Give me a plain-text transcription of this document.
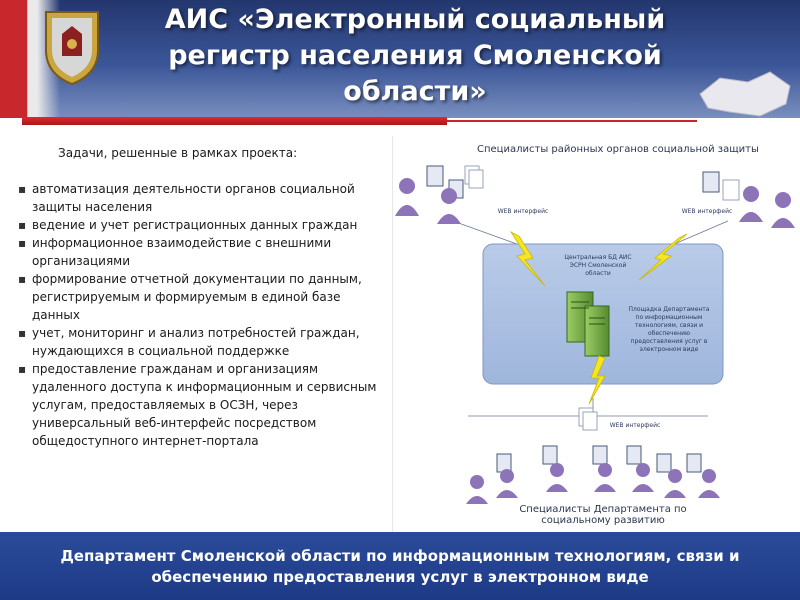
АИС «Электронный социальный регистр населения Смоленской области»
Задачи, решенные в рамках проекта:
▪ автоматизация деятельности органов социальной защиты населения
▪ ведение и учет регистрационных данных граждан
▪ информационное взаимодействие с внешними организациями
▪ формирование отчетной документации по данным, регистрируемым и формируемым в единой базе данных
▪ учет, мониторинг и анализ потребностей граждан, нуждающихся в социальной поддержке
▪ предоставление гражданам и организациям удаленного доступа к информационным и сервисным услугам, предоставляемых в ОСЗН, через универсальный веб-интерфейс посредством общедоступного интернет-портала
Специалисты районных органов социальной защиты
WEB интерфейс	WEB интерфейс
Центральная БД АИС ЭСРН Смоленской области
Площадка Департамента по информационным технологиям, связи и обеспечению предоставления услуг в электронном виде
WEB интерфейс
Специалисты Департамента по социальному развитию
Департамент Смоленской области по информационным технологиям, связи и обеспечению предоставления услуг в электронном виде
